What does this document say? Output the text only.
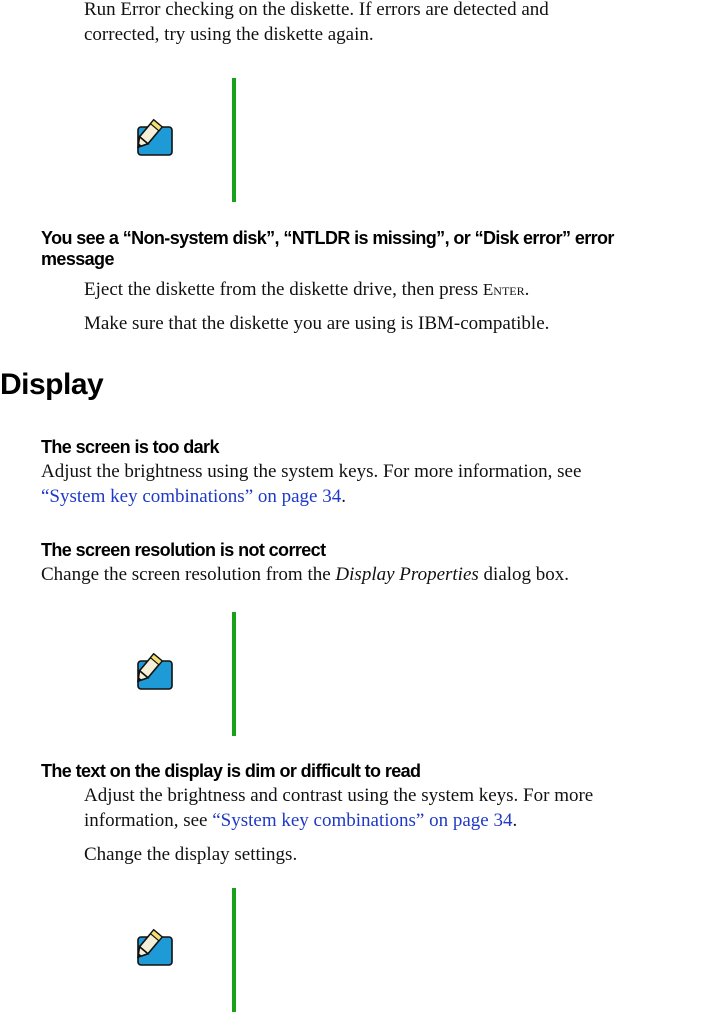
Run Error checking on the diskette. If errors are detected and
corrected, try using the diskette again.
You see a “Non-system disk”, “NTLDR is missing”, or “Disk error” error
message
Eject the diskette from the diskette drive, then press Enter.
Make sure that the diskette you are using is IBM-compatible.
Display
The screen is too dark
Adjust the brightness using the system keys. For more information, see
“System key combinations” on page 34.
The screen resolution is not correct
Change the screen resolution from the Display Properties dialog box.
The text on the display is dim or difficult to read
Adjust the brightness and contrast using the system keys. For more
information, see “System key combinations” on page 34.
Change the display settings.
